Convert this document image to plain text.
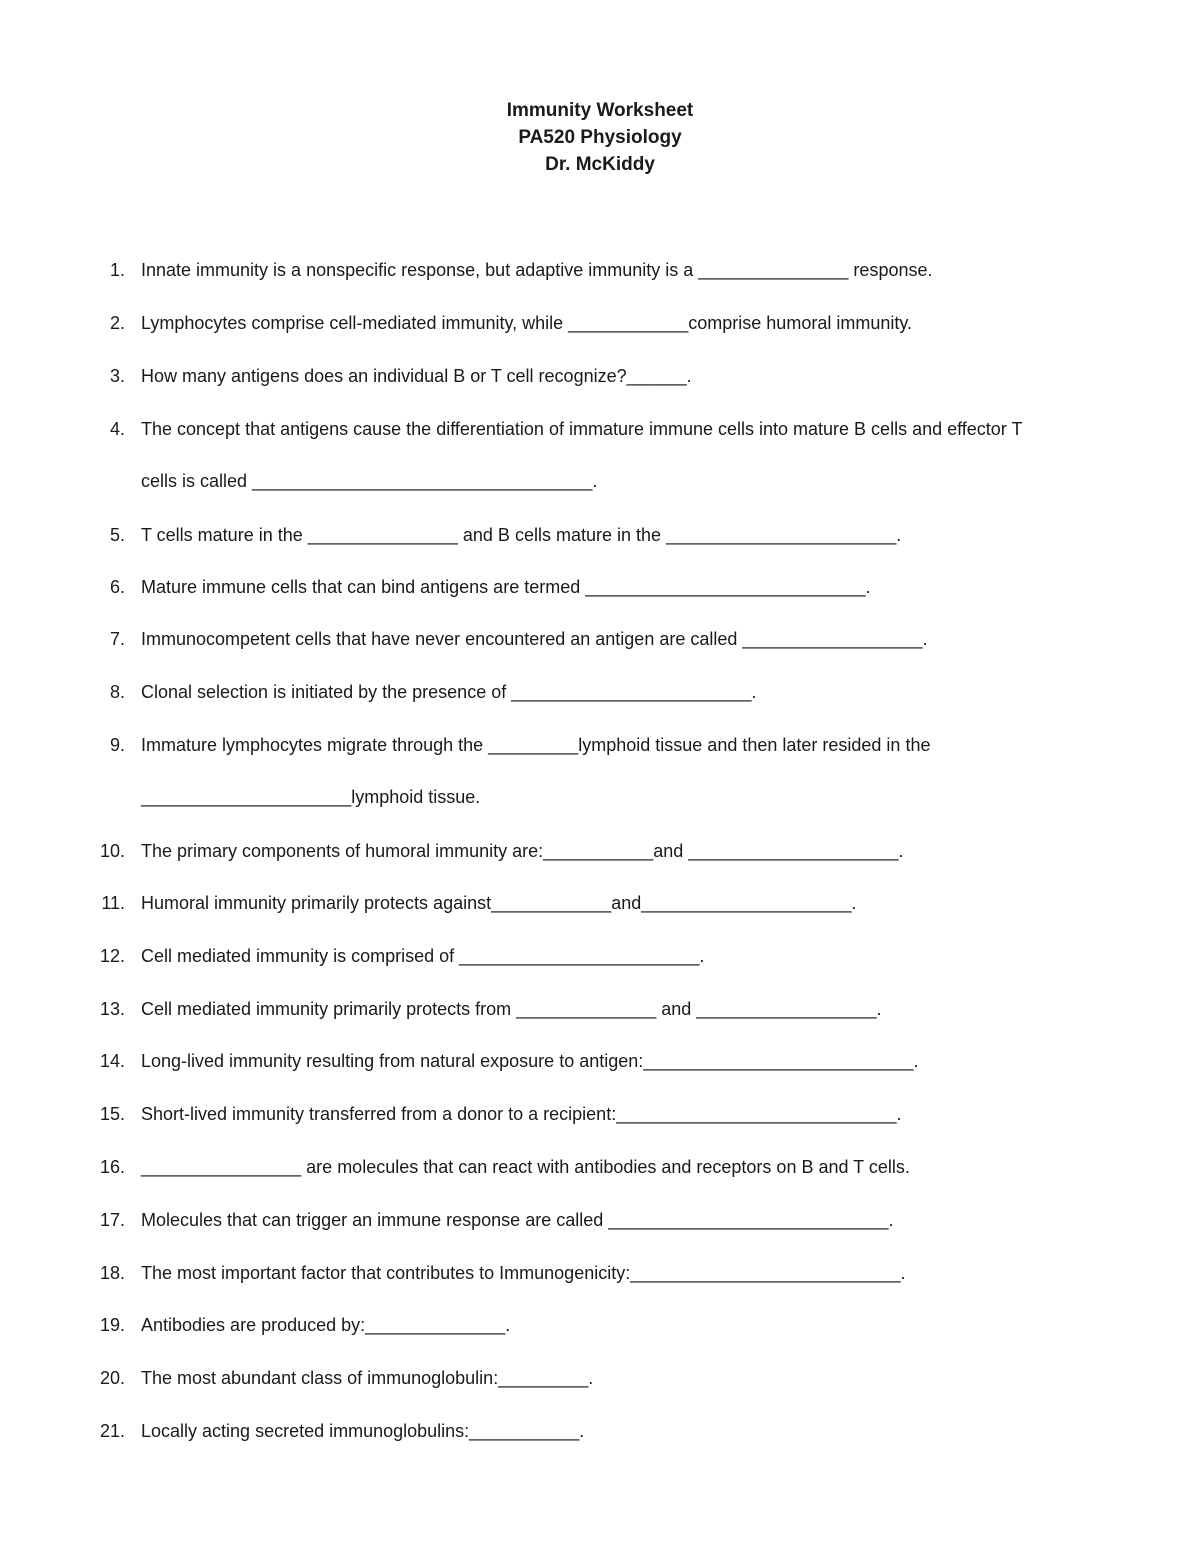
Immunity Worksheet
PA520 Physiology
Dr. McKiddy
1. Innate immunity is a nonspecific response, but adaptive immunity is a _______________ response.
2. Lymphocytes comprise cell-mediated immunity, while ____________comprise humoral immunity.
3. How many antigens does an individual B or T cell recognize?______.
4. The concept that antigens cause the differentiation of immature immune cells into mature B cells and effector T
cells is called __________________________________.
5. T cells mature in the _______________ and B cells mature in the _______________________.
6. Mature immune cells that can bind antigens are termed ____________________________.
7. Immunocompetent cells that have never encountered an antigen are called __________________.
8. Clonal selection is initiated by the presence of ________________________.
9. Immature lymphocytes migrate through the _________lymphoid tissue and then later resided in the
_____________________lymphoid tissue.
10. The primary components of humoral immunity are:___________and _____________________.
11. Humoral immunity primarily protects against____________and_____________________.
12. Cell mediated immunity is comprised of ________________________.
13. Cell mediated immunity primarily protects from ______________ and __________________.
14. Long-lived immunity resulting from natural exposure to antigen:___________________________.
15. Short-lived immunity transferred from a donor to a recipient:____________________________.
16. ________________ are molecules that can react with antibodies and receptors on B and T cells.
17. Molecules that can trigger an immune response are called ____________________________.
18. The most important factor that contributes to Immunogenicity:___________________________.
19. Antibodies are produced by:______________.
20. The most abundant class of immunoglobulin:_________.
21. Locally acting secreted immunoglobulins:___________.
